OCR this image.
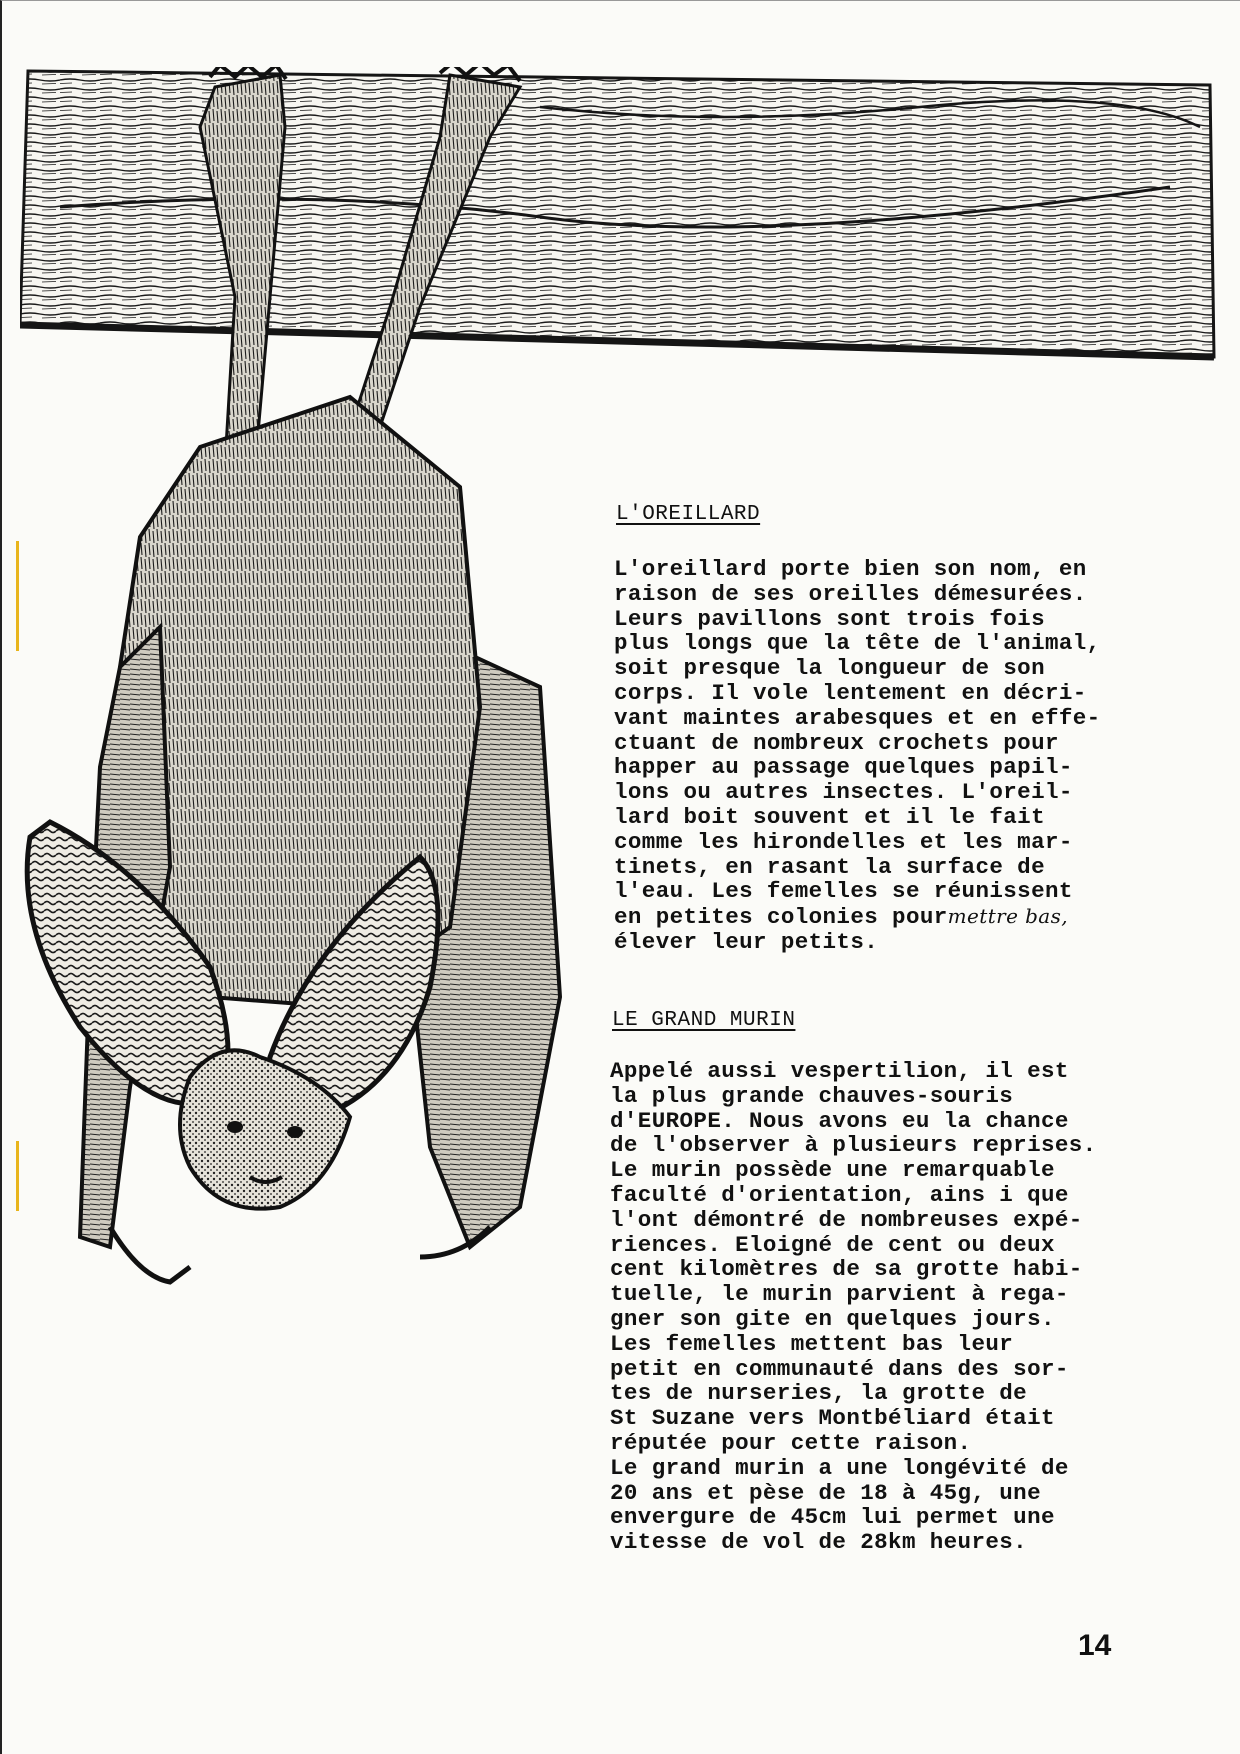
L'OREILLARD
L'oreillard porte bien son nom, en
raison de ses oreilles démesurées.
Leurs pavillons sont trois fois
plus longs que la tête de l'animal,
soit presque la longueur de son
corps. Il vole lentement en décri-
vant maintes arabesques et en effe-
ctuant de nombreux crochets pour
happer au passage quelques papil-
lons ou autres insectes. L'oreil-
lard boit souvent et il le fait
comme les hirondelles et les mar-
tinets, en rasant la surface de
l'eau. Les femelles se réunissent
en petites colonies pourmettre bas,
élever leur petits.
LE GRAND MURIN
Appelé aussi vespertilion, il est
la plus grande chauves-souris
d'EUROPE. Nous avons eu la chance
de l'observer à plusieurs reprises.
Le murin possède une remarquable
faculté d'orientation, ains i que
l'ont démontré de nombreuses expé-
riences. Eloigné de cent ou deux
cent kilomètres de sa grotte habi-
tuelle, le murin parvient à rega-
gner son gite en quelques jours.
Les femelles mettent bas leur
petit en communauté dans des sor-
tes de nurseries, la grotte de
St Suzane vers Montbéliard était
réputée pour cette raison.
Le grand murin a une longévité de
20 ans et pèse de 18 à 45g, une
envergure de 45cm lui permet une
vitesse de vol de 28km heures.
14
